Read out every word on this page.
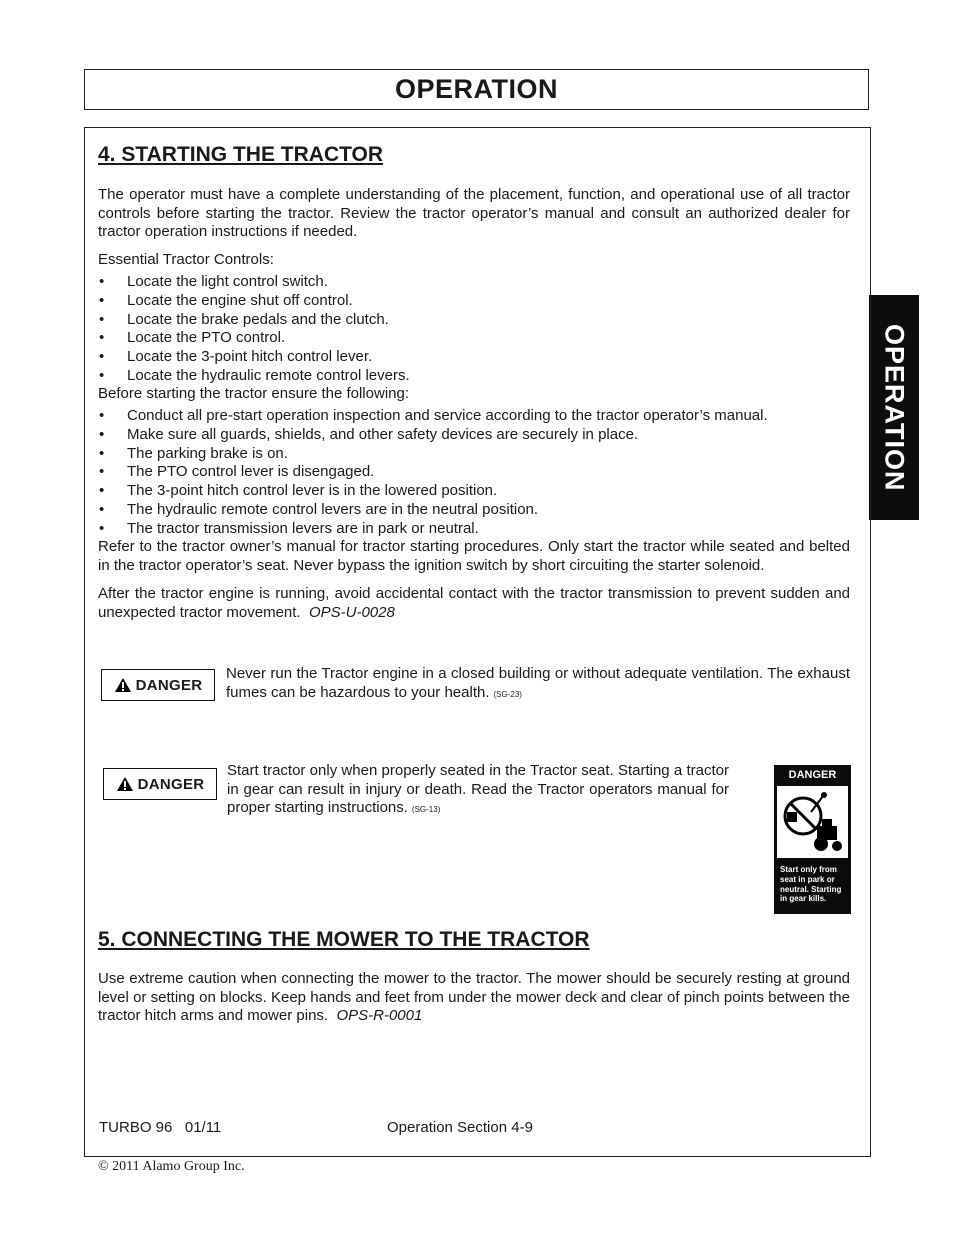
OPERATION
OPERATION
4. STARTING THE TRACTOR

The operator must have a complete understanding of the placement, function, and operational use of all tractor controls before starting the tractor. Review the tractor operator’s manual and consult an authorized dealer for tractor operation instructions if needed.

Essential Tractor Controls:

• Locate the light control switch.
• Locate the engine shut off control.
• Locate the brake pedals and the clutch.
• Locate the PTO control.
• Locate the 3-point hitch control lever.
• Locate the hydraulic remote control levers.

Before starting the tractor ensure the following:

• Conduct all pre-start operation inspection and service according to the tractor operator’s manual.
• Make sure all guards, shields, and other safety devices are securely in place.
• The parking brake is on.
• The PTO control lever is disengaged.
• The 3-point hitch control lever is in the lowered position.
• The hydraulic remote control levers are in the neutral position.
• The tractor transmission levers are in park or neutral.

Refer to the tractor owner’s manual for tractor starting procedures. Only start the tractor while seated and belted in the tractor operator’s seat. Never bypass the ignition switch by short circuiting the starter solenoid.

After the tractor engine is running, avoid accidental contact with the tractor transmission to prevent sudden and unexpected tractor movement. OPS-U-0028

DANGER

Never run the Tractor engine in a closed building or without adequate ventilation. The exhaust fumes can be hazardous to your health. (SG-23)

DANGER

Start tractor only when properly seated in the Tractor seat. Starting a tractor in gear can result in injury or death. Read the Tractor operators manual for proper starting instructions. (SG-13)

DANGER
Start only from seat in park or neutral. Starting in gear kills.
5. CONNECTING THE MOWER TO THE TRACTOR

Use extreme caution when connecting the mower to the tractor. The mower should be securely resting at ground level or setting on blocks. Keep hands and feet from under the mower deck and clear of pinch points between the tractor hitch arms and mower pins. OPS-R-0001

TURBO 96   01/11	Operation Section 4-9
© 2011 Alamo Group Inc.
